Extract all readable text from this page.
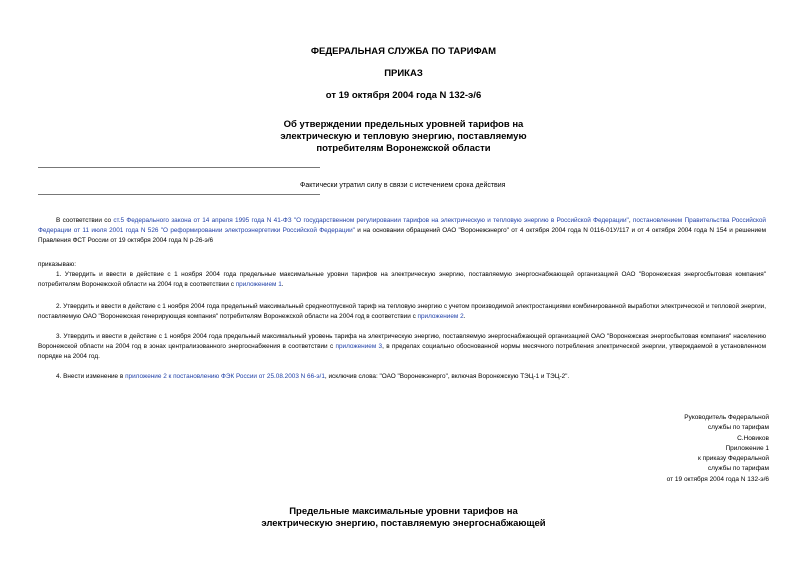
ФЕДЕРАЛЬНАЯ СЛУЖБА ПО ТАРИФАМ
ПРИКАЗ
от 19 октября 2004 года N 132-э/6
Об утверждении предельных уровней тарифов на
электрическую и тепловую энергию, поставляемую
потребителям Воронежской области
Фактически утратил силу в связи с истечением срока действия
В соответствии со ст.5 Федерального закона от 14 апреля 1995 года N 41-ФЗ "О государственном регулировании тарифов на электрическую и тепловую энергию в Российской Федерации", постановлением Правительства Российской Федерации от 11 июля 2001 года N 526 "О реформировании электроэнергетики Российской Федерации" и на основании обращений ОАО "Воронежэнерго" от 4 октября 2004 года N 0116-01У/117 и от 4 октября 2004 года N 154 и решением Правления ФСТ России от 19 октября 2004 года N р-26-э/6
приказываю:
1. Утвердить и ввести в действие с 1 ноября 2004 года предельные максимальные уровни тарифов на электрическую энергию, поставляемую энергоснабжающей организацией ОАО "Воронежская энергосбытовая компания" потребителям Воронежской области на 2004 год в соответствии с приложением 1.
2. Утвердить и ввести в действие с 1 ноября 2004 года предельный максимальный среднеотпускной тариф на тепловую энергию с учетом производимой электростанциями комбинированной выработки электрической и тепловой энергии, поставляемую ОАО "Воронежская генерирующая компания" потребителям Воронежской области на 2004 год в соответствии с приложением 2.
3. Утвердить и ввести в действие с 1 ноября 2004 года предельный максимальный уровень тарифа на электрическую энергию, поставляемую энергоснабжающей организацией ОАО "Воронежская энергосбытовая компания" населению Воронежской области на 2004 год в зонах централизованного энергоснабжения в соответствии с приложением 3, в пределах социально обоснованной нормы месячного потребления электрической энергии, утверждаемой в установленном порядке на 2004 год.
4. Внести изменение в приложение 2 к постановлению ФЭК России от 25.08.2003 N 66-э/1, исключив слова: "ОАО "Воронежэнерго", включая Воронежскую ТЭЦ-1 и ТЭЦ-2".
Руководитель Федеральной
службы по тарифам
С.Новиков
Приложение 1
к приказу Федеральной
службы по тарифам
от 19 октября 2004 года N 132-э/6
Предельные максимальные уровни тарифов на
электрическую энергию, поставляемую энергоснабжающей
